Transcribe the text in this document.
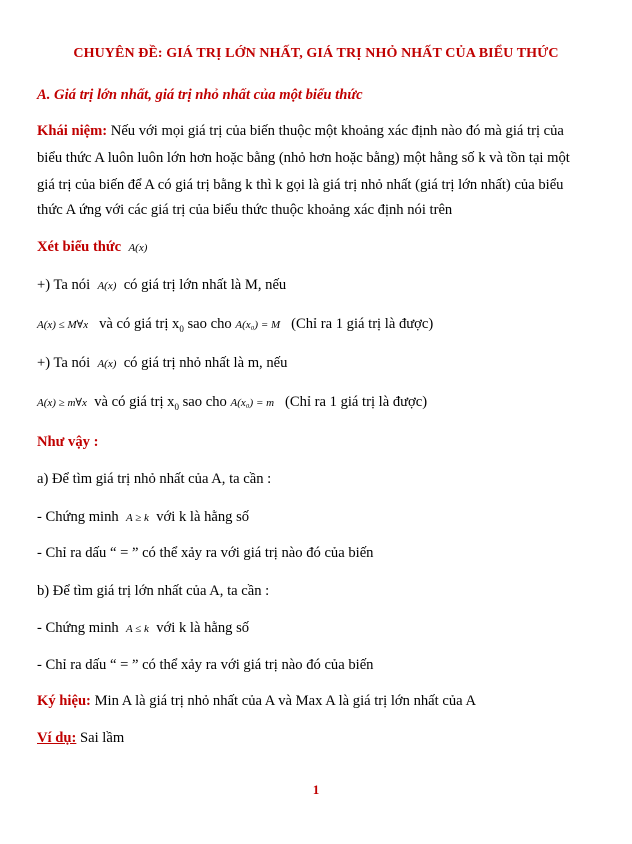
CHUYÊN ĐỀ: GIÁ TRỊ LỚN NHẤT, GIÁ TRỊ NHỎ NHẤT CỦA BIỂU THỨC
A. Giá trị lớn nhất, giá trị nhỏ nhất của một biểu thức
Khái niệm: Nếu với mọi giá trị của biến thuộc một khoảng xác định nào đó mà giá trị của
biểu thức A luôn luôn lớn hơn hoặc bằng (nhỏ hơn hoặc bằng) một hằng số k và tồn tại một
giá trị của biến để A có giá trị bằng k thì k gọi là giá trị nhỏ nhất (giá trị lớn nhất) của biểu
thức A ứng với các giá trị của biểu thức thuộc khoảng xác định nói trên
Xét biểu thức A(x)
+) Ta nói  A(x)  có giá trị lớn nhất là M, nếu
A(x) ≤ M∀x và có giá trị $x_0$ sao cho A(x₀) = M (Chỉ ra 1 giá trị là được)
+) Ta nói  A(x)  có giá trị nhỏ nhất là m, nếu
A(x) ≥ m∀x và có giá trị $x_0$ sao cho A(x₀) = m (Chỉ ra 1 giá trị là được)
Như vậy :
a) Để tìm giá trị nhỏ nhất của A, ta cần :
- Chứng minh  A ≥ k  với k là hằng số
- Chỉ ra dấu “ = ” có thể xảy ra với giá trị nào đó của biến
b) Để tìm giá trị lớn nhất của A, ta cần :
- Chứng minh  A ≤ k  với k là hằng số
- Chỉ ra dấu “ = ” có thể xảy ra với giá trị nào đó của biến
Ký hiệu: Min A là giá trị nhỏ nhất của A và Max A là giá trị lớn nhất của A
Ví dụ: Sai lầm
1
